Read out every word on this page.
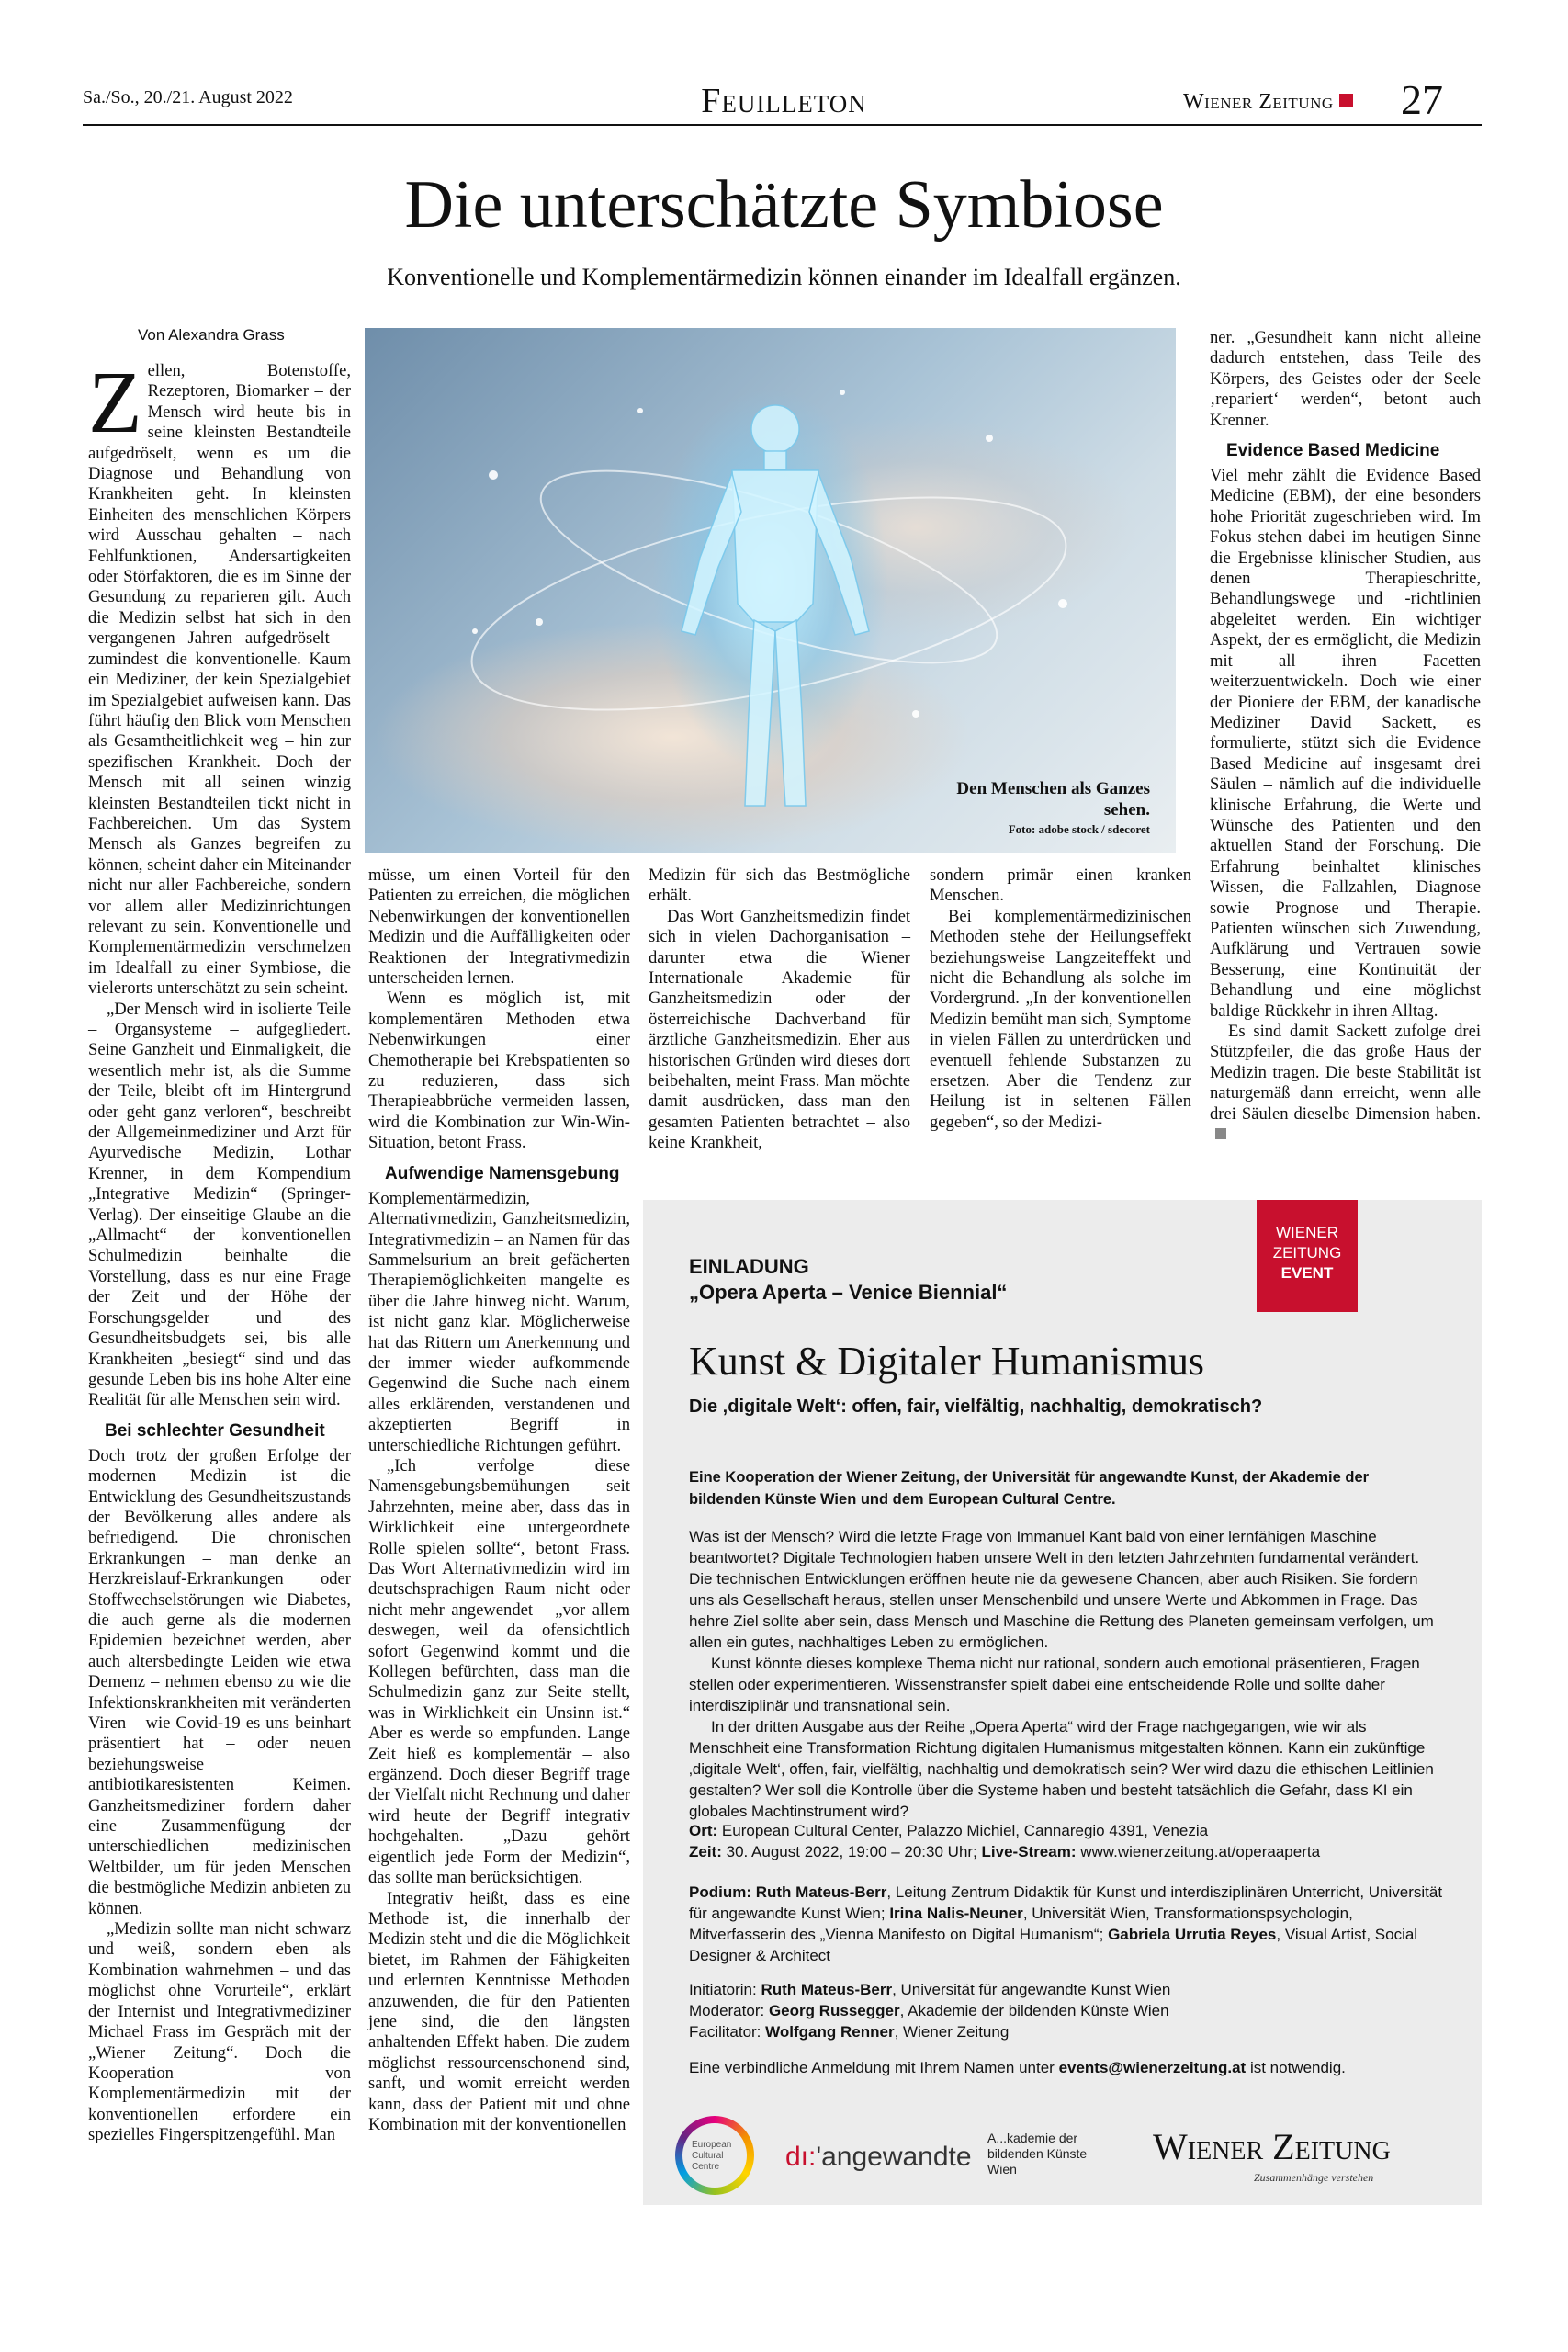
Sa./So., 20./21. August 2022	Feuilleton	Wiener Zeitung	27
Die unterschätzte Symbiose
Konventionelle und Komplementärmedizin können einander im Idealfall ergänzen.
Von Alexandra Grass

Zellen, Botenstoffe, Rezeptoren, Biomarker – der Mensch wird heute bis in seine kleinsten Bestandteile aufgedröselt, wenn es um die Diagnose und Behandlung von Krankheiten geht. In kleinsten Einheiten des menschlichen Körpers wird Ausschau gehalten – nach Fehlfunktionen, Andersartigkeiten oder Störfaktoren, die es im Sinne der Gesundung zu reparieren gilt. Auch die Medizin selbst hat sich in den vergangenen Jahren aufgedröselt – zumindest die konventionelle. Kaum ein Mediziner, der kein Spezialgebiet im Spezialgebiet aufweisen kann. Das führt häufig den Blick vom Menschen als Gesamtheitlichkeit weg – hin zur spezifischen Krankheit. Doch der Mensch mit all seinen winzig kleinsten Bestandteilen tickt nicht in Fachbereichen. Um das System Mensch als Ganzes begreifen zu können, scheint daher ein Miteinander nicht nur aller Fachbereiche, sondern vor allem aller Medizinrichtungen relevant zu sein. Konventionelle und Komplementärmedizin verschmelzen im Idealfall zu einer Symbiose, die vielerorts unterschätzt zu sein scheint.

„Der Mensch wird in isolierte Teile – Organsysteme – aufgegliedert. Seine Ganzheit und Einmaligkeit, die wesentlich mehr ist, als die Summe der Teile, bleibt oft im Hintergrund oder geht ganz verloren“, beschreibt der Allgemeinmediziner und Arzt für Ayurvedische Medizin, Lothar Krenner, in dem Kompendium „Integrative Medizin“ (Springer-Verlag). Der einseitige Glaube an die „Allmacht“ der konventionellen Schulmedizin beinhalte die Vorstellung, dass es nur eine Frage der Zeit und der Höhe der Forschungsgelder und des Gesundheitsbudgets sei, bis alle Krankheiten „besiegt“ sind und das gesunde Leben bis ins hohe Alter eine Realität für alle Menschen sein wird.

Bei schlechter Gesundheit

Doch trotz der großen Erfolge der modernen Medizin ist die Entwicklung des Gesundheitszustands der Bevölkerung alles andere als befriedigend. Die chronischen Erkrankungen – man denke an Herzkreislauf-Erkrankungen oder Stoffwechselstörungen wie Diabetes, die auch gerne als die modernen Epidemien bezeichnet werden, aber auch altersbedingte Leiden wie etwa Demenz – nehmen ebenso zu wie die Infektionskrankheiten mit veränderten Viren – wie Covid-19 es uns beinhart präsentiert hat – oder neuen beziehungsweise antibiotikaresistenten Keimen. Ganzheitsmediziner fordern daher eine Zusammenfügung der unterschiedlichen medizinischen Weltbilder, um für jeden Menschen die bestmögliche Medizin anbieten zu können.

„Medizin sollte man nicht schwarz und weiß, sondern eben als Kombination wahrnehmen – und das möglichst ohne Vorurteile“, erklärt der Internist und Integrativmediziner Michael Frass im Gespräch mit der „Wiener Zeitung“. Doch die Kooperation von Komplementärmedizin mit der konventionellen erfordere ein spezielles Fingerspitzengefühl. Man

Den Menschen als Ganzes sehen.
Foto: adobe stock / sdecoret

müsse, um einen Vorteil für den Patienten zu erreichen, die möglichen Nebenwirkungen der konventionellen Medizin und die Auffälligkeiten oder Reaktionen der Integrativmedizin unterscheiden lernen.

Wenn es möglich ist, mit komplementären Methoden etwa Nebenwirkungen einer Chemotherapie bei Krebspatienten so zu reduzieren, dass sich Therapieabbrüche vermeiden lassen, wird die Kombination zur Win-Win-Situation, betont Frass.

Aufwendige Namensgebung

Komplementärmedizin, Alternativmedizin, Ganzheitsmedizin, Integrativmedizin – an Namen für das Sammelsurium an breit gefächerten Therapiemöglichkeiten mangelte es über die Jahre hinweg nicht. Warum, ist nicht ganz klar. Möglicherweise hat das Rittern um Anerkennung und der immer wieder aufkommende Gegenwind die Suche nach einem alles erklärenden, verstandenen und akzeptierten Begriff in unterschiedliche Richtungen geführt.

„Ich verfolge diese Namensgebungsbemühungen seit Jahrzehnten, meine aber, dass das in Wirklichkeit eine untergeordnete Rolle spielen sollte“, betont Frass. Das Wort Alternativmedizin wird im deutschsprachigen Raum nicht oder nicht mehr angewendet – „vor allem deswegen, weil da ofensichtlich sofort Gegenwind kommt und die Kollegen befürchten, dass man die Schulmedizin ganz zur Seite stellt, was in Wirklichkeit ein Unsinn ist.“ Aber es werde so empfunden. Lange Zeit hieß es komplementär – also ergänzend. Doch dieser Begriff trage der Vielfalt nicht Rechnung und daher wird heute der Begriff integrativ hochgehalten. „Dazu gehört eigentlich jede Form der Medizin“, das sollte man berücksichtigen.

Integrativ heißt, dass es eine Methode ist, die innerhalb der Medizin steht und die die Möglichkeit bietet, im Rahmen der Fähigkeiten und erlernten Kenntnisse Methoden anzuwenden, die für den Patienten jene sind, die den längsten anhaltenden Effekt haben. Die zudem möglichst ressourcenschonend sind, sanft, und womit erreicht werden kann, dass der Patient mit und ohne Kombination mit der konventionellen

Medizin für sich das Bestmögliche erhält.

Das Wort Ganzheitsmedizin findet sich in vielen Dachorganisation – darunter etwa die Wiener Internationale Akademie für Ganzheitsmedizin oder der österreichische Dachverband für ärztliche Ganzheitsmedizin. Eher aus historischen Gründen wird dieses dort beibehalten, meint Frass. Man möchte damit ausdrücken, dass man den gesamten Patienten betrachtet – also keine Krankheit,

sondern primär einen kranken Menschen.

Bei komplementärmedizinischen Methoden stehe der Heilungseffekt beziehungsweise Langzeiteffekt und nicht die Behandlung als solche im Vordergrund. „In der konventionellen Medizin bemüht man sich, Symptome in vielen Fällen zu unterdrücken und eventuell fehlende Substanzen zu ersetzen. Aber die Tendenz zur Heilung ist in seltenen Fällen gegeben“, so der Medizi-

ner. „Gesundheit kann nicht alleine dadurch entstehen, dass Teile des Körpers, des Geistes oder der Seele ‚repariert‘ werden“, betont auch Krenner.

Evidence Based Medicine

Viel mehr zählt die Evidence Based Medicine (EBM), der eine besonders hohe Priorität zugeschrieben wird. Im Fokus stehen dabei im heutigen Sinne die Ergebnisse klinischer Studien, aus denen Therapieschritte, Behandlungswege und -richtlinien abgeleitet werden. Ein wichtiger Aspekt, der es ermöglicht, die Medizin mit all ihren Facetten weiterzuentwickeln. Doch wie einer der Pioniere der EBM, der kanadische Mediziner David Sackett, es formulierte, stützt sich die Evidence Based Medicine auf insgesamt drei Säulen – nämlich auf die individuelle klinische Erfahrung, die Werte und Wünsche des Patienten und den aktuellen Stand der Forschung. Die Erfahrung beinhaltet klinisches Wissen, die Fallzahlen, Diagnose sowie Prognose und Therapie. Patienten wünschen sich Zuwendung, Aufklärung und Vertrauen sowie Besserung, eine Kontinuität der Behandlung und eine möglichst baldige Rückkehr in ihren Alltag.

Es sind damit Sackett zufolge drei Stützpfeiler, die das große Haus der Medizin tragen. Die beste Stabilität ist naturgemäß dann erreicht, wenn alle drei Säulen dieselbe Dimension haben.

EINLADUNG
„Opera Aperta – Venice Biennial“
Kunst & Digitaler Humanismus
Die ‚digitale Welt‘: offen, fair, vielfältig, nachhaltig, demokratisch?
Eine Kooperation der Wiener Zeitung, der Universität für angewandte Kunst, der Akademie der bildenden Künste Wien und dem European Cultural Centre.

Was ist der Mensch? Wird die letzte Frage von Immanuel Kant bald von einer lernfähigen Maschine beantwortet? Digitale Technologien haben unsere Welt in den letzten Jahrzehnten fundamental verändert. Die technischen Entwicklungen eröffnen heute nie da gewesene Chancen, aber auch Risiken. Sie fordern uns als Gesellschaft heraus, stellen unser Menschenbild und unsere Werte und Abkommen in Frage. Das hehre Ziel sollte aber sein, dass Mensch und Maschine die Rettung des Planeten gemeinsam verfolgen, um allen ein gutes, nachhaltiges Leben zu ermöglichen.

Kunst könnte dieses komplexe Thema nicht nur rational, sondern auch emotional präsentieren, Fragen stellen oder experimentieren. Wissenstransfer spielt dabei eine entscheidende Rolle und sollte daher interdisziplinär und transnational sein.

In der dritten Ausgabe aus der Reihe „Opera Aperta“ wird der Frage nachgegangen, wie wir als Menschheit eine Transformation Richtung digitalen Humanismus mitgestalten können. Kann ein zukünftige ‚digitale Welt‘, offen, fair, vielfältig, nachhaltig und demokratisch sein? Wer wird dazu die ethischen Leitlinien gestalten? Wer soll die Kontrolle über die Systeme haben und besteht tatsächlich die Gefahr, dass KI ein globales Machtinstrument wird?

Ort: European Cultural Center, Palazzo Michiel, Cannaregio 4391, Venezia
Zeit: 30. August 2022, 19:00 – 20:30 Uhr; Live-Stream: www.wienerzeitung.at/operaaperta
Podium: Ruth Mateus-Berr, Leitung Zentrum Didaktik für Kunst und interdisziplinären Unterricht, Universität für angewandte Kunst Wien; Irina Nalis-Neuner, Universität Wien, Transformationspsychologin, Mitverfasserin des „Vienna Manifesto on Digital Humanism“; Gabriela Urrutia Reyes, Visual Artist, Social Designer & Architect
Initiatorin: Ruth Mateus-Berr, Universität für angewandte Kunst Wien
Moderator: Georg Russegger, Akademie der bildenden Künste Wien
Facilitator: Wolfgang Renner, Wiener Zeitung
Eine verbindliche Anmeldung mit Ihrem Namen unter events@wienerzeitung.at ist notwendig.
European Cultural Centre	dı:'angewandte
A...kademie der bildenden Künste Wien
Wiener Zeitung
Zusammenhänge verstehen
WIENER
ZEITUNG
EVENT
